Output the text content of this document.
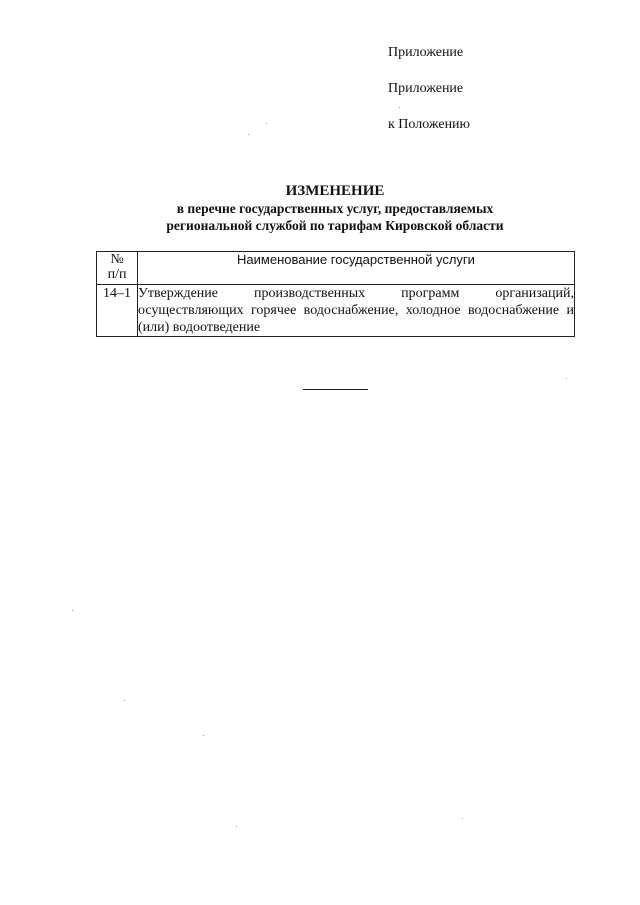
Приложение
Приложение
к Положению
ИЗМЕНЕНИЕ
в перечне государственных услуг, предоставляемых
региональной службой по тарифам Кировской области
№
п/п	Наименование государственной услуги
14–1	Утверждение производственных программ организаций, осуществляющих горячее водоснабжение, холодное водоснабжение и (или) водоотведение
